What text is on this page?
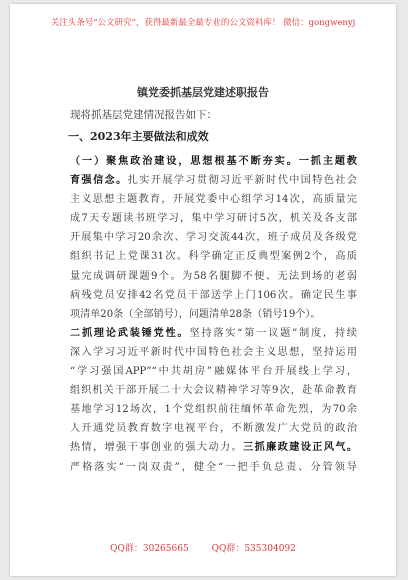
关注头条号“公文研究”，获得最新最全最专业的公文资料库！ 微信：gongwenyj
镇党委抓基层党建述职报告
现将抓基层党建情况报告如下：
一、2023年主要做法和成效
（一）聚焦政治建设，思想根基不断夯实。一抓主题教
育强信念。扎实开展学习贯彻习近平新时代中国特色社会
主义思想主题教育，开展党委中心组学习14次，高质量完
成7天专题读书班学习，集中学习研讨5次，机关及各支部
开展集中学习20余次、学习交流44次，班子成员及各级党
组织书记上党课31次。科学确定正反典型案例2个，高质
量完成调研课题9个。为58名腿脚不便、无法到场的老弱
病残党员安排42名党员干部送学上门106次。确定民生事
项清单20条（全部销号），问题清单28条（销号19个）。
二抓理论武装锤党性。坚持落实“第一议题”制度，持续
深入学习习近平新时代中国特色社会主义思想，坚持运用
“学习强国APP”“中共胡房”融媒体平台开展线上学习，
组织机关干部开展二十大会议精神学习等9次，赴革命教育
基地学习12场次，1个党组织前往缅怀革命先烈，为70余
人开通党员教育数字电视平台，不断激发广大党员的政治
热情，增强干事创业的强大动力。三抓廉政建设正风气。
严格落实“一岗双责”，健全“一把手负总责、分管领导
QQ群：30265665	QQ群：535304092
